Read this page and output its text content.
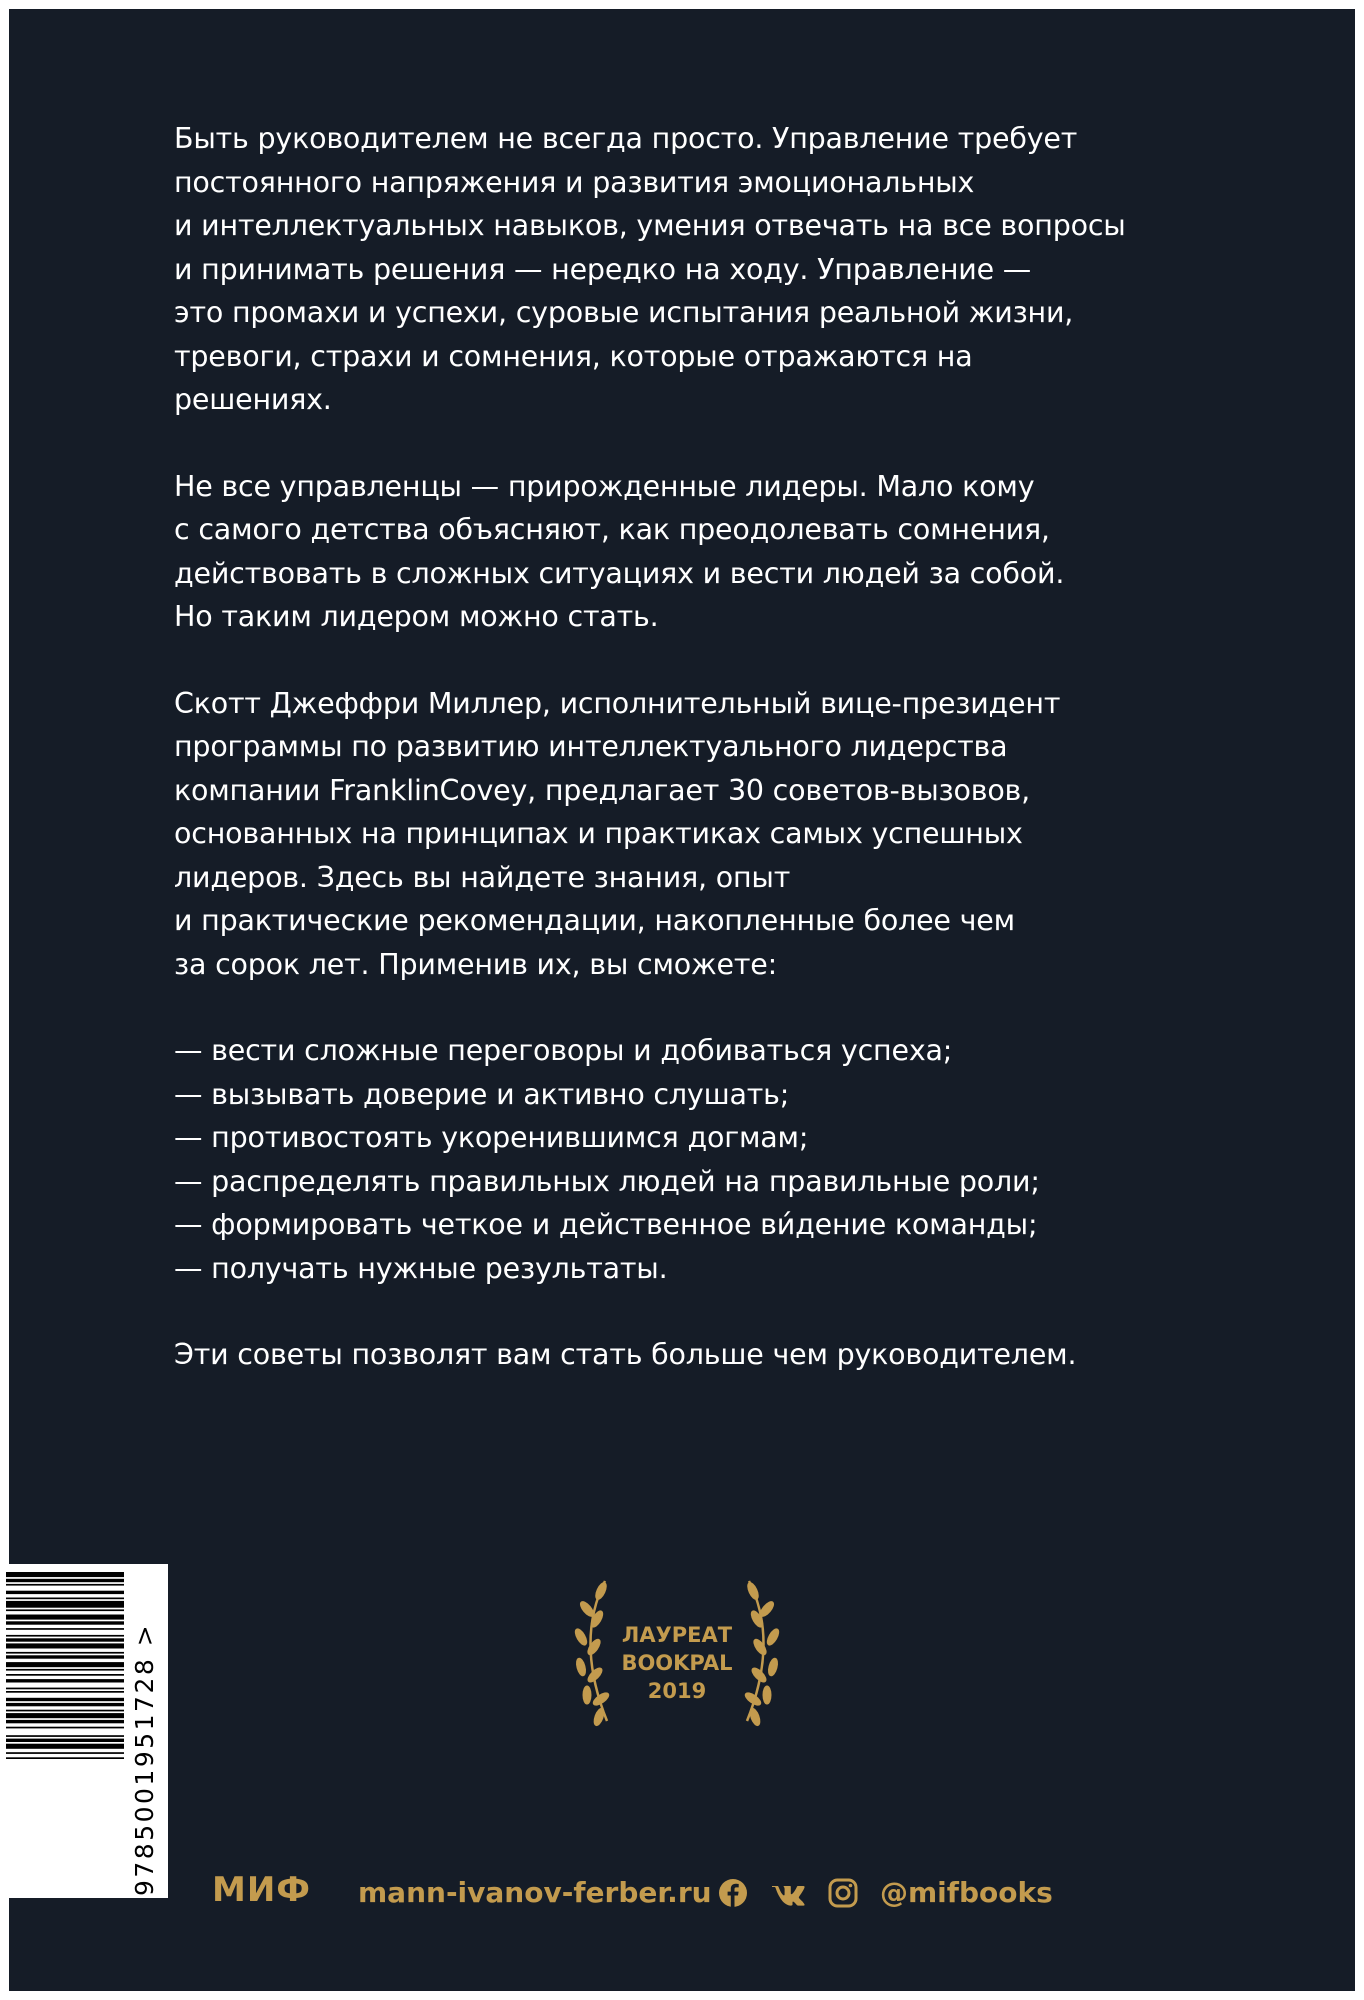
Быть руководителем не всегда просто. Управление требует
постоянного напряжения и развития эмоциональных
и интеллектуальных навыков, умения отвечать на все вопросы
и принимать решения — нередко на ходу. Управление —
это промахи и успехи, суровые испытания реальной жизни,
тревоги, страхи и сомнения, которые отражаются на
решениях.

Не все управленцы — прирожденные лидеры. Мало кому
с самого детства объясняют, как преодолевать сомнения,
действовать в сложных ситуациях и вести людей за собой.
Но таким лидером можно стать.

Скотт Джеффри Миллер, исполнительный вице-президент
программы по развитию интеллектуального лидерства
компании FranklinCovey, предлагает 30 советов-вызовов,
основанных на принципах и практиках самых успешных
лидеров. Здесь вы найдете знания, опыт
и практические рекомендации, накопленные более чем
за сорок лет. Применив их, вы сможете:

— вести сложные переговоры и добиваться успеха;
— вызывать доверие и активно слушать;
— противостоять укоренившимся догмам;
— распределять правильных людей на правильные роли;
— формировать четкое и действенное ви́дение команды;
— получать нужные результаты.

Эти советы позволят вам стать больше чем руководителем.

ЛАУРЕАТ
BOOKPAL
2019
9785001951728 >
МИФ mann-ivanov-ferber.ru	@mifbooks
